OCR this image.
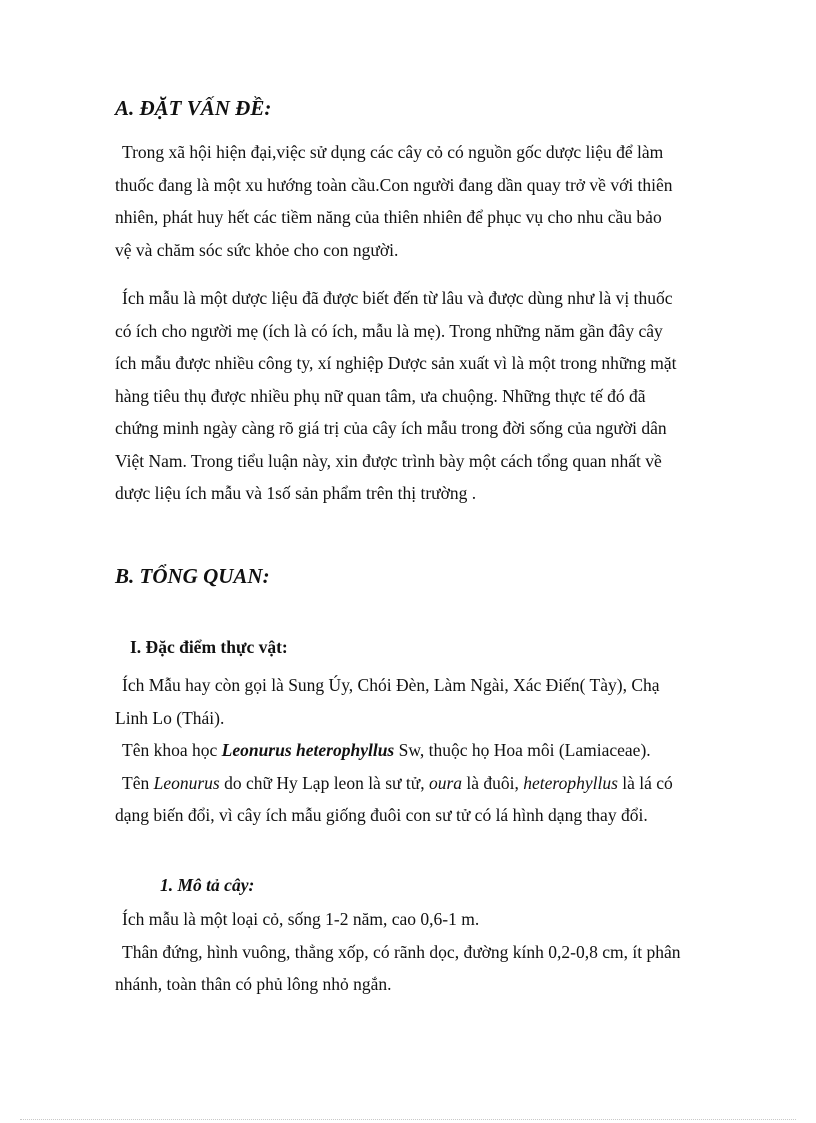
A. ĐẶT VẤN ĐỀ:
Trong xã hội hiện đại,việc sử dụng các cây cỏ có nguồn gốc dược liệu để làm
thuốc đang là một xu hướng toàn cầu.Con người đang dần quay trở về với thiên
nhiên, phát huy hết các tiềm năng của thiên nhiên để phục vụ cho nhu cầu bảo
vệ và chăm sóc sức khỏe cho con người.
Ích mẫu là một dược liệu đã được biết đến từ lâu và được dùng như là vị thuốc
có ích cho người mẹ (ích là có ích, mẫu là mẹ). Trong những năm gần đây cây
ích mẫu được nhiều công ty, xí nghiệp Dược sản xuất vì là một trong những mặt
hàng tiêu thụ được nhiều phụ nữ quan tâm, ưa chuộng. Những thực tế đó đã
chứng minh ngày càng rõ giá trị của cây ích mẫu trong đời sống của người dân
Việt Nam. Trong tiểu luận này, xin được trình bày một cách tổng quan nhất về
dược liệu ích mẫu và 1số sản phẩm trên thị trường .
B. TỔNG QUAN:
I. Đặc điểm thực vật:
Ích Mẫu hay còn gọi là Sung Úy, Chói Đèn, Làm Ngài, Xác Điến( Tày), Chạ
Linh Lo (Thái).
Tên khoa học Leonurus heterophyllus Sw, thuộc họ Hoa môi (Lamiaceae).
Tên Leonurus do chữ Hy Lạp leon là sư tử, oura là đuôi, heterophyllus là lá có
dạng biến đổi, vì cây ích mẫu giống đuôi con sư tử có lá hình dạng thay đổi.
1. Mô tả cây:
Ích mẫu là một loại cỏ, sống 1-2 năm, cao 0,6-1 m.
Thân đứng, hình vuông, thẳng xốp, có rãnh dọc, đường kính 0,2-0,8 cm, ít phân
nhánh, toàn thân có phủ lông nhỏ ngắn.
